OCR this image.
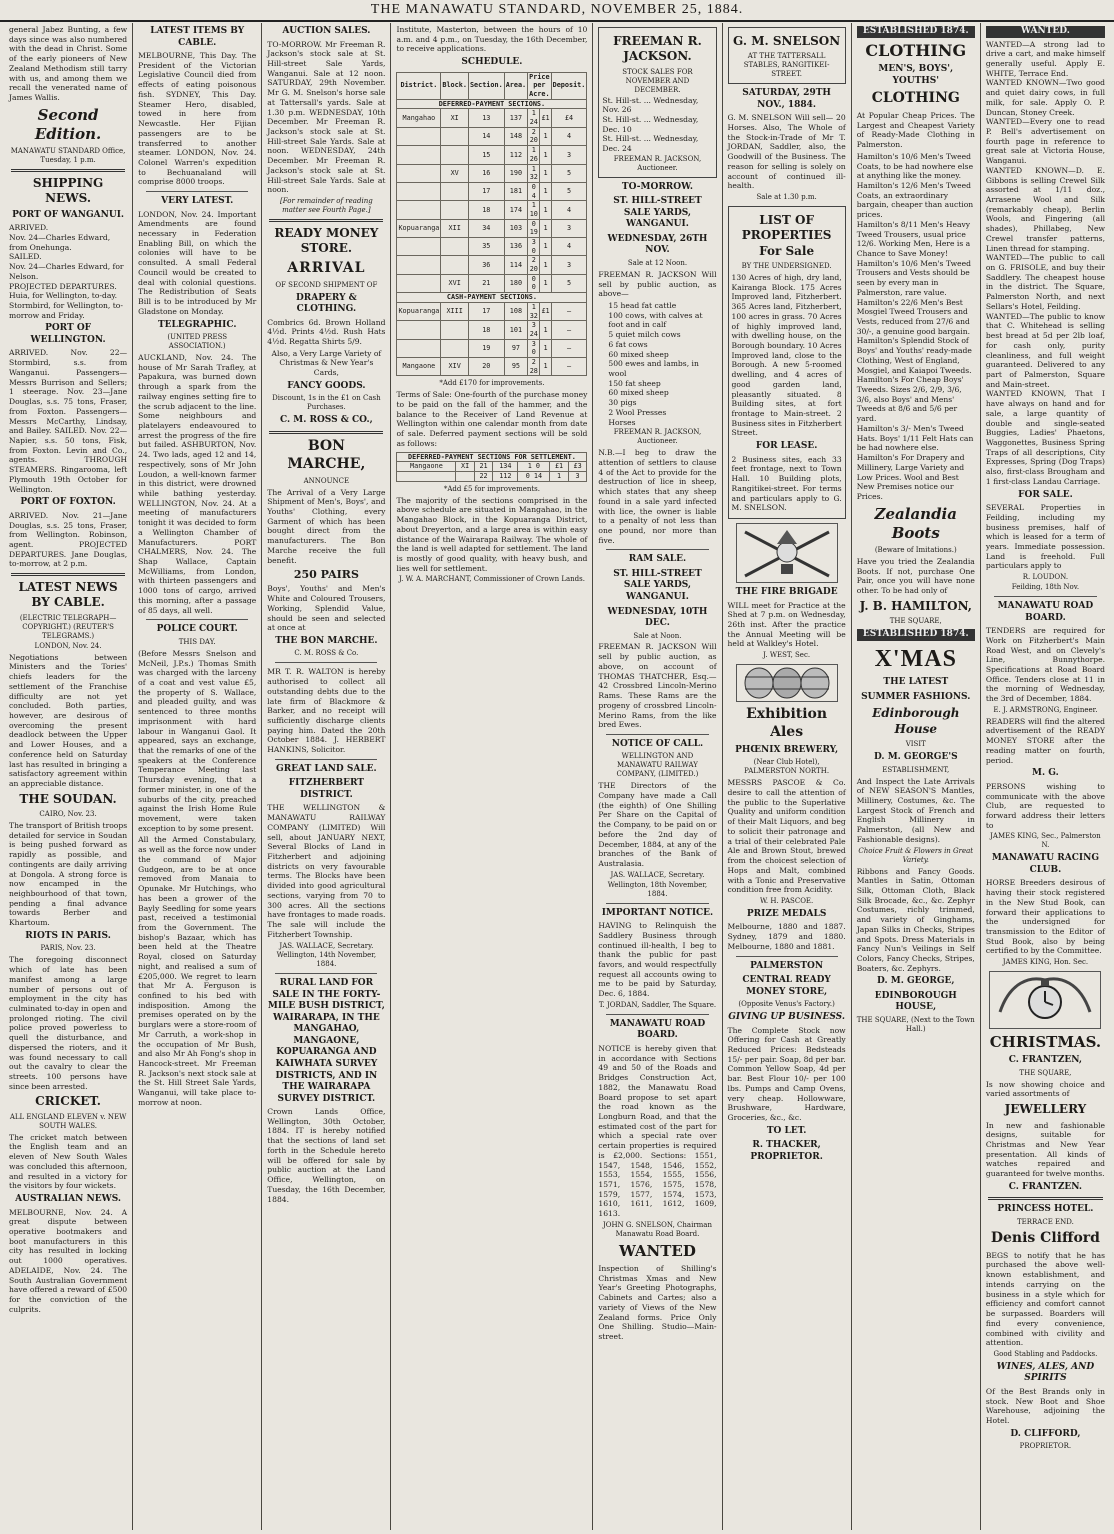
THE MANAWATU STANDARD, NOVEMBER 25, 1884.
general Jabez Bunting, a few days since was also numbered with the dead in Christ. Some of the early pioneers of New Zealand Methodism still tarry with us, and among them we recall the venerated name of James Wallis.
Second Edition.
MANAWATU STANDARD Office, Tuesday, 1 p.m.
SHIPPING NEWS.
PORT OF WANGANUI.
ARRIVED.
Nov. 24—Charles Edward, from Onehunga.
SAILED.
Nov. 24—Charles Edward, for Nelson.
PROJECTED DEPARTURES.
Huia, for Wellington, to-day.
Stormbird, for Wellington, to-morrow and Friday.
PORT OF WELLINGTON.
ARRIVED. Nov. 22—Stormbird, s.s. from Wanganui. Passengers—Messrs Burrison and Sellers; 1 steerage. Nov. 23—Jane Douglas, s.s. 75 tons, Fraser, from Foxton. Passengers—Messrs McCarthy, Lindsay, and Bailey. SAILED. Nov. 22—Napier, s.s. 50 tons, Fisk, from Foxton. Levin and Co., agents. THROUGH STEAMERS. Ringarooma, left Plymouth 19th October for Wellington.
PORT OF FOXTON.
ARRIVED. Nov. 21—Jane Douglas, s.s. 25 tons, Fraser, from Wellington. Robinson, agent. PROJECTED DEPARTURES. Jane Douglas, to-morrow, at 2 p.m.
LATEST NEWS BY CABLE.
(ELECTRIC TELEGRAPH—COPYRIGHT.) (REUTER'S TELEGRAMS.)
LONDON, Nov. 24.
Negotiations between Ministers and the Tories' chiefs leaders for the settlement of the Franchise difficulty are not yet concluded. Both parties, however, are desirous of overcoming the present deadlock between the Upper and Lower Houses, and a conference held on Saturday last has resulted in bringing a satisfactory agreement within an appreciable distance.
THE SOUDAN.
CAIRO, Nov. 23.
The transport of British troops detailed for service in Soudan is being pushed forward as rapidly as possible, and contingents are daily arriving at Dongola. A strong force is now encamped in the neighbourhood of that town, pending a final advance towards Berber and Khartoum.
RIOTS IN PARIS.
PARIS, Nov. 23.
The foregoing disconnect which of late has been manifest among a large number of persons out of employment in the city has culminated to-day in open and prolonged rioting. The civil police proved powerless to quell the disturbance, and dispersed the rioters, and it was found necessary to call out the cavalry to clear the streets. 100 persons have since been arrested.
CRICKET.
ALL ENGLAND ELEVEN v. NEW SOUTH WALES.
The cricket match between the English team and an eleven of New South Wales was concluded this afternoon, and resulted in a victory for the visitors by four wickets.
AUSTRALIAN NEWS.
MELBOURNE, Nov. 24. A great dispute between operative bootmakers and boot manufacturers in this city has resulted in locking out 1000 operatives. ADELAIDE, Nov. 24. The South Australian Government have offered a reward of £500 for the conviction of the culprits.
LATEST ITEMS BY CABLE.
MELBOURNE, This Day. The President of the Victorian Legislative Council died from effects of eating poisonous fish. SYDNEY, This Day. Steamer Hero, disabled, towed in here from Newcastle. Her Fijian passengers are to be transferred to another steamer. LONDON, Nov. 24. Colonel Warren's expedition to Bechuanaland will comprise 8000 troops.
VERY LATEST.
LONDON, Nov. 24. Important Amendments are found necessary in Federation Enabling Bill, on which the colonies will have to be consulted. A small Federal Council would be created to deal with colonial questions. The Redistribution of Seats Bill is to be introduced by Mr Gladstone on Monday.
TELEGRAPHIC.
(UNITED PRESS ASSOCIATION.)
AUCKLAND, Nov. 24. The house of Mr Sarah Trafley, at Papakura, was burned down through a spark from the railway engines setting fire to the scrub adjacent to the line. Some neighbours and platelayers endeavoured to arrest the progress of the fire but failed. ASHBURTON, Nov. 24. Two lads, aged 12 and 14, respectively, sons of Mr John Loudon, a well-known farmer in this district, were drowned while bathing yesterday. WELLINGTON, Nov. 24. At a meeting of manufacturers tonight it was decided to form a Wellington Chamber of Manufacturers. PORT CHALMERS, Nov. 24. The Shap Wallace, Captain McWilliams, from London, with thirteen passengers and 1000 tons of cargo, arrived this morning, after a passage of 85 days, all well.
POLICE COURT.
THIS DAY.
(Before Messrs Snelson and McNeil, J.P.s.) Thomas Smith was charged with the larceny of a coat and vest value £5, the property of S. Wallace, and pleaded guilty, and was sentenced to three months imprisonment with hard labour in Wanganui Gaol. It appeared, says an exchange, that the remarks of one of the speakers at the Conference Temperance Meeting last Thursday evening, that a former minister, in one of the suburbs of the city, preached against the Irish Home Rule movement, were taken exception to by some present.
All the Armed Constabulary, as well as the force now under the command of Major Gudgeon, are to be at once removed from Manaia to Opunake. Mr Hutchings, who has been a grower of the Bayly Seedling for some years past, received a testimonial from the Government. The bishop's Bazaar, which has been held at the Theatre Royal, closed on Saturday night, and realised a sum of £205,000. We regret to learn that Mr A. Ferguson is confined to his bed with indisposition. Among the premises operated on by the burglars were a store-room of Mr Carruth, a work-shop in the occupation of Mr Bush, and also Mr Ah Fong's shop in Hancock-street. Mr Freeman R. Jackson's next stock sale at the St. Hill Street Sale Yards, Wanganui, will take place to-morrow at noon.
AUCTION SALES.
TO-MORROW. Mr Freeman R. Jackson's stock sale at St. Hill-street Sale Yards, Wanganui. Sale at 12 noon. SATURDAY, 29th November. Mr G. M. Snelson's horse sale at Tattersall's yards. Sale at 1.30 p.m. WEDNESDAY, 10th December. Mr Freeman R. Jackson's stock sale at St. Hill-street Sale Yards. Sale at noon. WEDNESDAY, 24th December. Mr Freeman R. Jackson's stock sale at St. Hill-street Sale Yards. Sale at noon.
[For remainder of reading matter see Fourth Page.]
READY MONEY STORE.
ARRIVAL
OF SECOND SHIPMENT OF
DRAPERY & CLOTHING.
Combrics 6d. Brown Holland 4½d. Prints 4½d. Rush Hats 4½d. Regatta Shirts 5/9.
Also, a Very Large Variety of Christmas & New Year's Cards,
FANCY GOODS.
Discount, 1s in the £1 on Cash Purchases.
C. M. ROSS & CO.,
BON MARCHE,
ANNOUNCE
The Arrival of a Very Large Shipment of Men's, Boys', and Youths' Clothing, every Garment of which has been bought direct from the manufacturers. The Bon Marche receive the full benefit.
250 PAIRS
Boys', Youths' and Men's White and Coloured Trousers, Working, Splendid Value, should be seen and selected at once at
THE BON MARCHE.
C. M. ROSS & Co.
MR T. R. WALTON is hereby authorised to collect all outstanding debts due to the late firm of Blackmore & Barker, and no receipt will sufficiently discharge clients paying him. Dated the 20th October 1884. J. HERBERT HANKINS, Solicitor.
GREAT LAND SALE.
FITZHERBERT DISTRICT.
THE WELLINGTON & MANAWATU RAILWAY COMPANY (LIMITED) Will sell, about JANUARY NEXT, Several Blocks of Land in Fitzherbert and adjoining districts on very favourable terms. The Blocks have been divided into good agricultural sections, varying from 70 to 300 acres. All the sections have frontages to made roads. The sale will include the Fitzherbert Township.
JAS. WALLACE, Secretary.
Wellington, 14th November, 1884.
RURAL LAND FOR SALE IN THE FORTY-MILE BUSH DISTRICT, WAIRARAPA, IN THE MANGAHAO, MANGAONE, KOPUARANGA AND KAIWHATA SURVEY DISTRICTS, AND IN THE WAIRARAPA SURVEY DISTRICT.
Crown Lands Office, Wellington, 30th October, 1884. IT is hereby notified that the sections of land set forth in the Schedule hereto will be offered for sale by public auction at the Land Office, Wellington, on Tuesday, the 16th December, 1884.
Institute, Masterton, between the hours of 10 a.m. and 4 p.m., on Tuesday, the 16th December, to receive applications.
SCHEDULE.
District.	Block.	Section.	Area.	Price per Acre.		Deposit.
DEFERRED-PAYMENT SECTIONS.						
Mangahao	XI	13	137	1 24	£1	£4
		14	148	2 20	1	4
		15	112	1 26	1	3
	XV	16	190	1 32	1	5
		17	181	0 4	1	5
		18	174	1 10	1	4
Kopuaranga	XII	34	103	0 19	1	3
		35	136	3 0	1	4
		36	114	2 20	1	3
	XVI	21	180	0 0	1	5
CASH-PAYMENT SECTIONS.						
Kopuaranga	XIII	17	108	1 32	£1	—
		18	101	3 24	1	—
		19	97	3 0	1	—
Mangaone	XIV	20	95	2 28	1	—
*Add £170 for improvements.
Terms of Sale: One-fourth of the purchase money to be paid on the fall of the hammer, and the balance to the Receiver of Land Revenue at Wellington within one calendar month from date of sale. Deferred payment sections will be sold as follows:
DEFERRED-PAYMENT SECTIONS FOR SETTLEMENT.						
Mangaone	XI	21	134	1 0	£1	£3
		22	112	0 14	1	3
*Add £5 for improvements.
The majority of the sections comprised in the above schedule are situated in Mangahao, in the Mangahao Block, in the Kopuaranga District, about Dreyerton, and a large area is within easy distance of the Wairarapa Railway. The whole of the land is well adapted for settlement. The land is mostly of good quality, with heavy bush, and lies well for settlement.
J. W. A. MARCHANT, Commissioner of Crown Lands.
FREEMAN R. JACKSON.
STOCK SALES FOR NOVEMBER AND DECEMBER.
St. Hill-st. ... Wednesday, Nov. 26
St. Hill-st. ... Wednesday, Dec. 10
St. Hill-st. ... Wednesday, Dec. 24
FREEMAN R. JACKSON, Auctioneer.
TO-MORROW.
ST. HILL-STREET SALE YARDS, WANGANUI.
WEDNESDAY, 26TH NOV.
Sale at 12 Noon.
FREEMAN R. JACKSON Will sell by public auction, as above—
15 head fat cattle
100 cows, with calves at foot and in calf
5 quiet milch cows
6 fat cows
60 mixed sheep
500 ewes and lambs, in wool
150 fat sheep
60 mixed sheep
30 pigs
2 Wool Presses
Horses
FREEMAN R. JACKSON, Auctioneer.
N.B.—I beg to draw the attention of settlers to clause 4 of the Act to provide for the destruction of lice in sheep, which states that any sheep found in a sale yard infected with lice, the owner is liable to a penalty of not less than one pound, nor more than five.
RAM SALE.
ST. HILL-STREET SALE YARDS, WANGANUI.
WEDNESDAY, 10TH DEC.
Sale at Noon.
FREEMAN R. JACKSON Will sell by public auction, as above, on account of THOMAS THATCHER, Esq.— 42 Crossbred Lincoln-Merino Rams. These Rams are the progeny of crossbred Lincoln-Merino Rams, from the like bred Ewes.
NOTICE OF CALL.
WELLINGTON AND MANAWATU RAILWAY COMPANY, (LIMITED.)
THE Directors of the Company have made a Call (the eighth) of One Shilling Per Share on the Capital of the Company, to be paid on or before the 2nd day of December, 1884, at any of the branches of the Bank of Australasia.
JAS. WALLACE, Secretary.
Wellington, 18th November, 1884.
IMPORTANT NOTICE.
HAVING to Relinquish the Saddlery Business through continued ill-health, I beg to thank the public for past favors, and would respectfully request all accounts owing to me to be paid by Saturday, Dec. 6, 1884.
T. JORDAN, Saddler, The Square.
MANAWATU ROAD BOARD.
NOTICE is hereby given that in accordance with Sections 49 and 50 of the Roads and Bridges Construction Act, 1882, the Manawatu Road Board propose to set apart the road known as the Longburn Road, and that the estimated cost of the part for which a special rate over certain properties is required is £2,000. Sections: 1551, 1547, 1548, 1546, 1552, 1553, 1554, 1555, 1556, 1571, 1576, 1575, 1578, 1579, 1577, 1574, 1573, 1610, 1611, 1612, 1609, 1613.
JOHN G. SNELSON, Chairman Manawatu Road Board.
WANTED
Inspection of Shilling's Christmas Xmas and New Year's Greeting Photographs, Cabinets and Cartes; also a variety of Views of the New Zealand forms. Price Only One Shilling. Studio—Main-street.
G. M. SNELSON
AT THE TATTERSALL STABLES, RANGITIKEI-STREET.
SATURDAY, 29TH NOV., 1884.
G. M. SNELSON Will sell— 20 Horses. Also, The Whole of the Stock-in-Trade of Mr T. JORDAN, Saddler, also, the Goodwill of the Business. The reason for selling is solely on account of continued ill-health.
Sale at 1.30 p.m.
LIST OF PROPERTIES For Sale
BY THE UNDERSIGNED.
130 Acres of high, dry land, Kairanga Block. 175 Acres Improved land, Fitzherbert. 365 Acres land, Fitzherbert, 100 acres in grass. 70 Acres of highly improved land, with dwelling house, on the Borough boundary. 10 Acres Improved land, close to the Borough. A new 5-roomed dwelling, and 4 acres of good garden land, pleasantly situated. 8 Building sites, at fort frontage to Main-street. 2 Business sites in Fitzherbert Street.
FOR LEASE.
2 Business sites, each 33 feet frontage, next to Town Hall. 10 Building plots, Rangitikei-street. For terms and particulars apply to G. M. SNELSON.
THE FIRE BRIGADE
WILL meet for Practice at the Shed at 7 p.m. on Wednesday, 26th inst. After the practice the Annual Meeting will be held at Walkley's Hotel.
J. WEST, Sec.
Exhibition Ales
PHŒNIX BREWERY,
(Near Club Hotel), PALMERSTON NORTH.
MESSRS PASCOE & Co. desire to call the attention of the public to the Superlative Quality and uniform condition of their Malt Liquors, and beg to solicit their patronage and a trial of their celebrated Pale Ale and Brown Stout, brewed from the choicest selection of Hops and Malt, combined with a Tonic and Preservative condition free from Acidity.
W. H. PASCOE.
PRIZE MEDALS
Melbourne, 1880 and 1887. Sydney, 1879 and 1880. Melbourne, 1880 and 1881.
PALMERSTON
CENTRAL READY MONEY STORE,
(Opposite Venus's Factory.)
GIVING UP BUSINESS.
The Complete Stock now Offering for Cash at Greatly Reduced Prices: Bedsteads 15/- per pair. Soap, 8d per bar. Common Yellow Soap, 4d per bar. Best Flour 10/- per 100 lbs. Pumps and Camp Ovens, very cheap. Hollowware, Brushware, Hardware, Groceries, &c., &c.
TO LET.
R. THACKER, PROPRIETOR.
ESTABLISHED 1874.
CLOTHING
MEN'S, BOYS', YOUTHS'
CLOTHING
At Popular Cheap Prices. The Largest and Cheapest Variety of Ready-Made Clothing in Palmerston.
Hamilton's 10/6 Men's Tweed Coats, to be had nowhere else at anything like the money.
Hamilton's 12/6 Men's Tweed Coats, an extraordinary bargain, cheaper than auction prices.
Hamilton's 8/11 Men's Heavy Tweed Trousers, usual price 12/6. Working Men, Here is a Chance to Save Money!
Hamilton's 10/6 Men's Tweed Trousers and Vests should be seen by every man in Palmerston, rare value.
Hamilton's 22/6 Men's Best Mosgiel Tweed Trousers and Vests, reduced from 27/6 and 30/-, a genuine good bargain.
Hamilton's Splendid Stock of Boys' and Youths' ready-made Clothing, West of England, Mosgiel, and Kaiapoi Tweeds.
Hamilton's For Cheap Boys' Tweeds. Sizes 2/6, 2/9, 3/6, 3/6, also Boys' and Mens' Tweeds at 8/6 and 5/6 per yard.
Hamilton's 3/- Men's Tweed Hats. Boys' 1/11 Felt Hats can be had nowhere else.
Hamilton's For Drapery and Millinery, Large Variety and Low Prices. Wool and Best New Premises notice our Prices.
Zealandia Boots
(Beware of Imitations.)
Have you tried the Zealandia Boots. If not, purchase One Pair, once you will have none other. To be had only of
J. B. HAMILTON,
THE SQUARE,
ESTABLISHED 1874.
X'MAS
THE LATEST
SUMMER FASHIONS.
Edinborough House
VISIT
D. M. GEORGE'S
ESTABLISHMENT,
And Inspect the Late Arrivals of NEW SEASON'S Mantles, Millinery, Costumes, &c. The Largest Stock of French and English Millinery in Palmerston, (all New and Fashionable designs).
Choice Fruit & Flowers in Great Variety.
Ribbons and Fancy Goods. Mantles in Satin, Ottoman Silk, Ottoman Cloth, Black Silk Brocade, &c., &c. Zephyr Costumes, richly trimmed, and variety of Ginghams, Japan Silks in Checks, Stripes and Spots. Dress Materials in Fancy Nun's Veilings in Self Colors, Fancy Checks, Stripes, Boaters, &c. Zephyrs.
D. M. GEORGE,
EDINBOROUGH HOUSE,
THE SQUARE, (Next to the Town Hall.)
WANTED.
WANTED—A strong lad to drive a cart, and make himself generally useful. Apply E. WHITE, Terrace End.
WANTED KNOWN—Two good and quiet dairy cows, in full milk, for sale. Apply O. P. Duncan, Stoney Creek.
WANTED—Every one to read P. Bell's advertisement on fourth page in reference to great sale at Victoria House, Wanganui.
WANTED KNOWN—D. E. Gibbons is selling Crewel Silk assorted at 1/11 doz., Arrasene Wool and Silk (remarkably cheap), Berlin Wools, and Fingering (all shades), Phillabeg, New Crewel transfer patterns, Linen thread for stamping.
WANTED—The public to call on G. FRISOLE, and buy their Saddlery. The cheapest house in the district. The Square, Palmerston North, and next Sellars's Hotel, Feilding.
WANTED—The public to know that C. Whitehead is selling best bread at 5d per 2lb loaf, for cash only, purity cleanliness, and full weight guaranteed. Delivered to any part of Palmerston, Square and Main-street.
WANTED KNOWN, That I have always on hand and for sale, a large quantity of double and single-seated Buggies, Ladies' Phaetons, Waggonettes, Business Spring Traps of all descriptions, City Expresses, Spring (Dog Traps) also, first-class Brougham and 1 first-class Landau Carriage.
FOR SALE.
SEVERAL Properties in Feilding, including my business premises, half of which is leased for a term of years. Immediate possession. Land is freehold. Full particulars apply to
R. LOUDON.
Feilding, 18th Nov.
MANAWATU ROAD BOARD.
TENDERS are required for Work on Fitzherbert's Main Road West, and on Clevely's Line, Bunnythorpe. Specifications at Road Board Office. Tenders close at 11 in the morning of Wednesday, the 3rd of December, 1884.
E. J. ARMSTRONG, Engineer.
READERS will find the altered advertisement of the READY MONEY STORE after the reading matter on fourth, period.
M. G.
PERSONS wishing to communicate with the above Club, are requested to forward address their letters to
JAMES KING, Sec., Palmerston N.
MANAWATU RACING CLUB.
HORSE Breeders desirous of having their stock registered in the New Stud Book, can forward their applications to the undersigned for transmission to the Editor of Stud Book, also by being certified to by the Committee.
JAMES KING, Hon. Sec.
CHRISTMAS.
C. FRANTZEN,
THE SQUARE,
Is now showing choice and varied assortments of
JEWELLERY
In new and fashionable designs, suitable for Christmas and New Year presentation. All kinds of watches repaired and guaranteed for twelve months.
C. FRANTZEN.
PRINCESS HOTEL.
TERRACE END.
Denis Clifford
BEGS to notify that he has purchased the above well-known establishment, and intends carrying on the business in a style which for efficiency and comfort cannot be surpassed. Boarders will find every convenience, combined with civility and attention.
Good Stabling and Paddocks.
WINES, ALES, AND SPIRITS
Of the Best Brands only in stock. New Boot and Shoe Warehouse, adjoining the Hotel.
D. CLIFFORD,
PROPRIETOR.
